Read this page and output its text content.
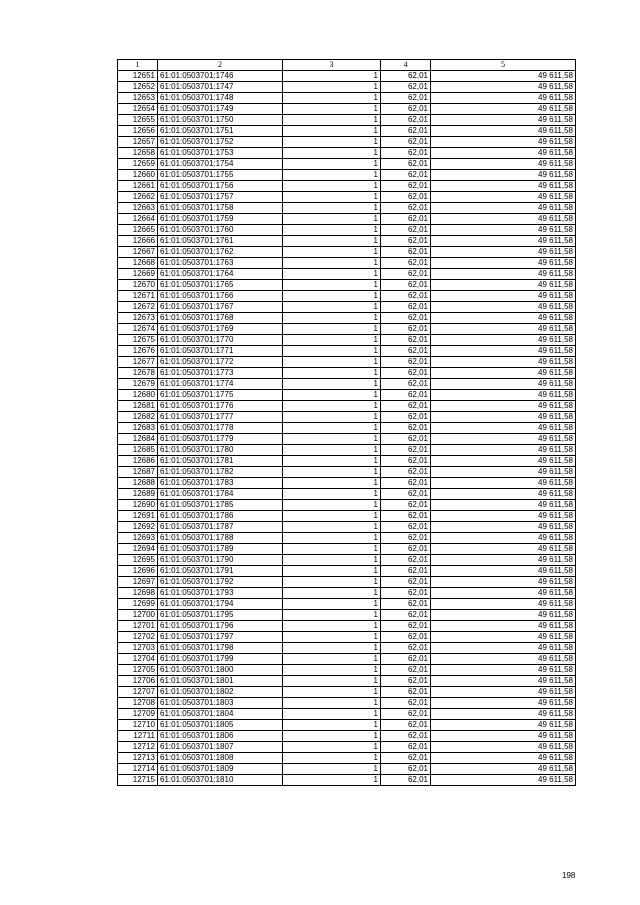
1	2	3	4	5
12651	61:01:0503701:1746	1	62,01	49 611,58
12652	61:01:0503701:1747	1	62,01	49 611,58
12653	61:01:0503701:1748	1	62,01	49 611,58
12654	61:01:0503701:1749	1	62,01	49 611,58
12655	61:01:0503701:1750	1	62,01	49 611,58
12656	61:01:0503701:1751	1	62,01	49 611,58
12657	61:01:0503701:1752	1	62,01	49 611,58
12658	61:01:0503701:1753	1	62,01	49 611,58
12659	61:01:0503701:1754	1	62,01	49 611,58
12660	61:01:0503701:1755	1	62,01	49 611,58
12661	61:01:0503701:1756	1	62,01	49 611,58
12662	61:01:0503701:1757	1	62,01	49 611,58
12663	61:01:0503701:1758	1	62,01	49 611,58
12664	61:01:0503701:1759	1	62,01	49 611,58
12665	61:01:0503701:1760	1	62,01	49 611,58
12666	61:01:0503701:1761	1	62,01	49 611,58
12667	61:01:0503701:1762	1	62,01	49 611,58
12668	61:01:0503701:1763	1	62,01	49 611,58
12669	61:01:0503701:1764	1	62,01	49 611,58
12670	61:01:0503701:1765	1	62,01	49 611,58
12671	61:01:0503701:1766	1	62,01	49 611,58
12672	61:01:0503701:1767	1	62,01	49 611,58
12673	61:01:0503701:1768	1	62,01	49 611,58
12674	61:01:0503701:1769	1	62,01	49 611,58
12675	61:01:0503701:1770	1	62,01	49 611,58
12676	61:01:0503701:1771	1	62,01	49 611,58
12677	61:01:0503701:1772	1	62,01	49 611,58
12678	61:01:0503701:1773	1	62,01	49 611,58
12679	61:01:0503701:1774	1	62,01	49 611,58
12680	61:01:0503701:1775	1	62,01	49 611,58
12681	61:01:0503701:1776	1	62,01	49 611,58
12682	61:01:0503701:1777	1	62,01	49 611,58
12683	61:01:0503701:1778	1	62,01	49 611,58
12684	61:01:0503701:1779	1	62,01	49 611,58
12685	61:01:0503701:1780	1	62,01	49 611,58
12686	61:01:0503701:1781	1	62,01	49 611,58
12687	61:01:0503701:1782	1	62,01	49 611,58
12688	61:01:0503701:1783	1	62,01	49 611,58
12689	61:01:0503701:1784	1	62,01	49 611,58
12690	61:01:0503701:1785	1	62,01	49 611,58
12691	61:01:0503701:1786	1	62,01	49 611,58
12692	61:01:0503701:1787	1	62,01	49 611,58
12693	61:01:0503701:1788	1	62,01	49 611,58
12694	61:01:0503701:1789	1	62,01	49 611,58
12695	61:01:0503701:1790	1	62,01	49 611,58
12696	61:01:0503701:1791	1	62,01	49 611,58
12697	61:01:0503701:1792	1	62,01	49 611,58
12698	61:01:0503701:1793	1	62,01	49 611,58
12699	61:01:0503701:1794	1	62,01	49 611,58
12700	61:01:0503701:1795	1	62,01	49 611,58
12701	61:01:0503701:1796	1	62,01	49 611,58
12702	61:01:0503701:1797	1	62,01	49 611,58
12703	61:01:0503701:1798	1	62,01	49 611,58
12704	61:01:0503701:1799	1	62,01	49 611,58
12705	61:01:0503701:1800	1	62,01	49 611,58
12706	61:01:0503701:1801	1	62,01	49 611,58
12707	61:01:0503701:1802	1	62,01	49 611,58
12708	61:01:0503701:1803	1	62,01	49 611,58
12709	61:01:0503701:1804	1	62,01	49 611,58
12710	61:01:0503701:1805	1	62,01	49 611,58
12711	61:01:0503701:1806	1	62,01	49 611,58
12712	61:01:0503701:1807	1	62,01	49 611,58
12713	61:01:0503701:1808	1	62,01	49 611,58
12714	61:01:0503701:1809	1	62,01	49 611,58
12715	61:01:0503701:1810	1	62,01	49 611,58
198
